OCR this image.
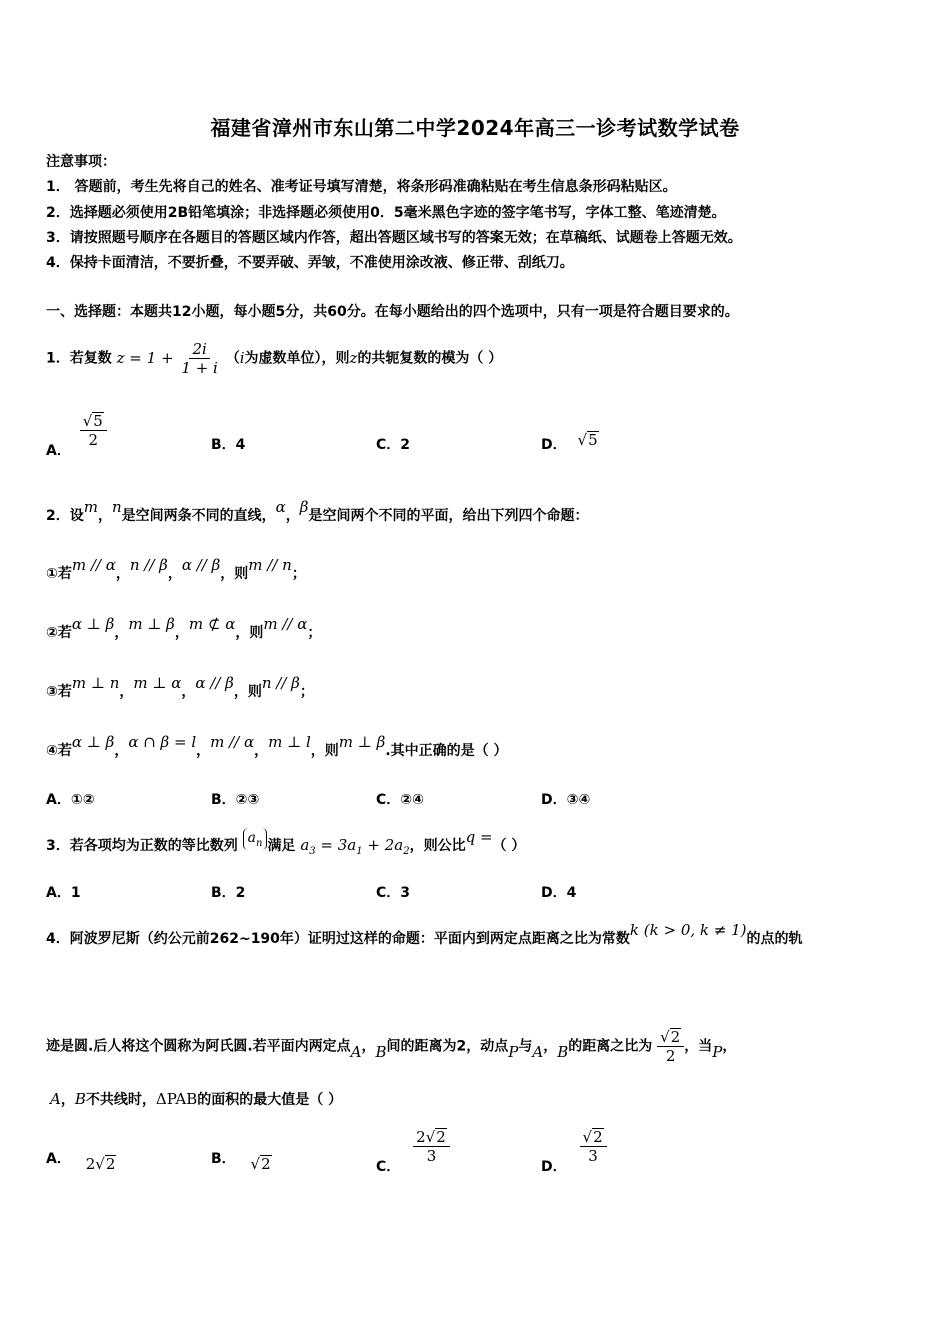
福建省漳州市东山第二中学2024年高三一诊考试数学试卷
注意事项：
1． 答题前，考生先将自己的姓名、准考证号填写清楚，将条形码准确粘贴在考生信息条形码粘贴区。
2．选择题必须使用2B铅笔填涂；非选择题必须使用0．5毫米黑色字迹的签字笔书写，字体工整、笔迹清楚。
3．请按照题号顺序在各题目的答题区域内作答，超出答题区域书写的答案无效；在草稿纸、试题卷上答题无效。
4．保持卡面清洁，不要折叠，不要弄破、弄皱，不准使用涂改液、修正带、刮纸刀。
一、选择题：本题共12小题，每小题5分，共60分。在每小题给出的四个选项中，只有一项是符合题目要求的。
1．若复数 $z = 1 + \frac{2i}{1 + i} (i$为虚数单位），则z的共轭复数的模为（ ）
A．
$\frac{√ 5}{2}$	B．4	C．2	D． √ 5
2．设m，n是空间两条不同的直线，α，β是空间两个不同的平面，给出下列四个命题：
①若m // α，n // β，α // β，则m // n；
②若α ⊥ β，m ⊥ β，m ⊄ α，则m // α；
③若m ⊥ n，m ⊥ α，α // β，则n // β；
④若α ⊥ β，α ∩ β = l，m // α，m ⊥ l，则m ⊥ β.其中正确的是（ ）
A．①②	B．②③	C．②④	D．③④
3．若各项均为正数的等比数列 $a_n$ 满足 $a_3 = 3a_1 + 2a_2$，则公比q =（ ）
A．1	B．2	C．3	D．4
4．阿波罗尼斯（约公元前262~190年）证明过这样的命题：平面内到两定点距离之比为常数k (k > 0, k ≠ 1)的点的轨
迹是圆.后人将这个圆称为阿氏圆.若平面内两定点A，B间的距离为2，动点P与A，B的距离之比为 $\frac{√ 2}{2}$ ，当P，
A，B不共线时，ΔPAB的面积的最大值是（ ）
A． 2 √ 2	B． √ 2	C．
$\frac{2 √ 2}{3}$
D．
$\frac{√ 2}{3}$
